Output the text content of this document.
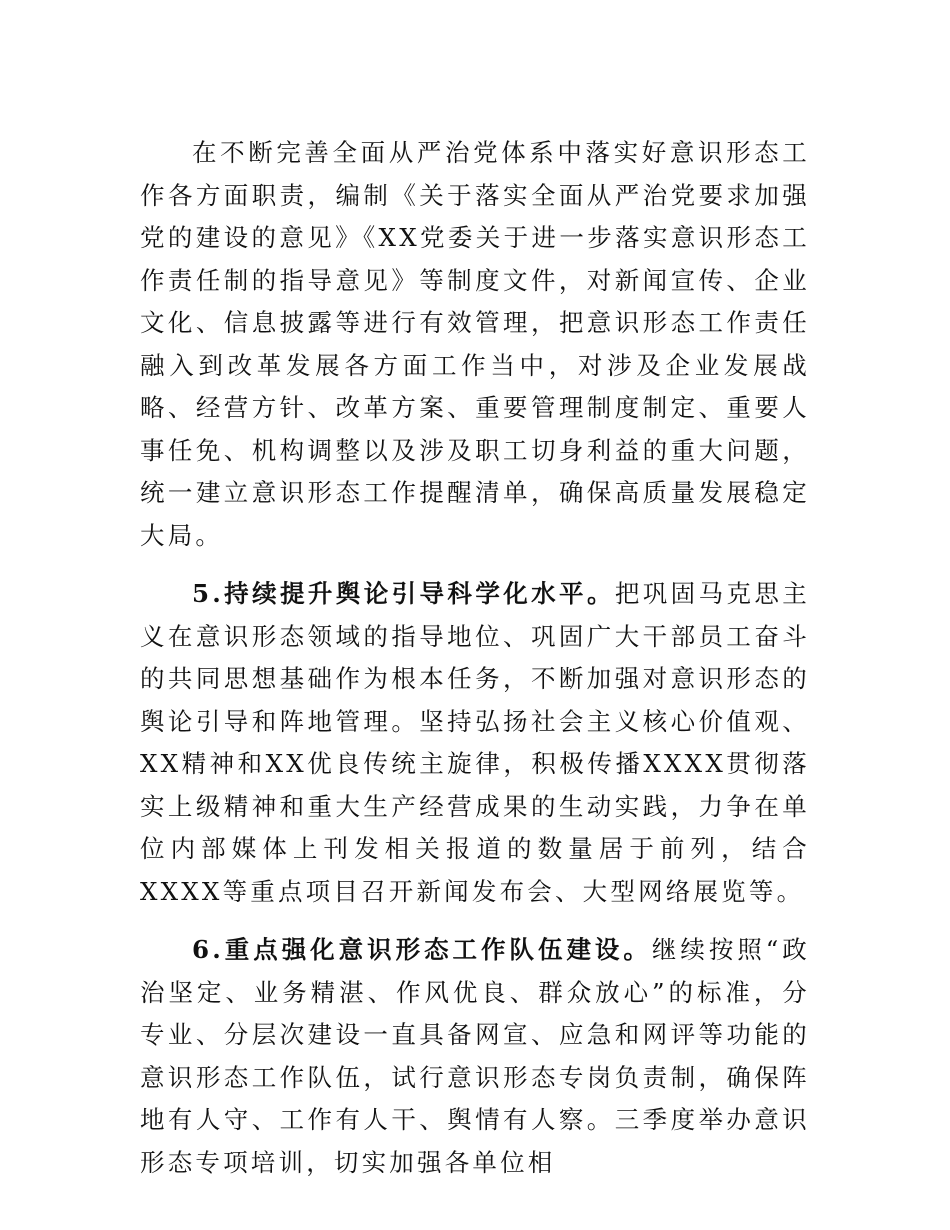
在不断完善全面从严治党体系中落实好意识形态工作各方面职责，编制《关于落实全面从严治党要求加强党的建设的意见》《XX党委关于进一步落实意识形态工作责任制的指导意见》等制度文件，对新闻宣传、企业文化、信息披露等进行有效管理，把意识形态工作责任融入到改革发展各方面工作当中，对涉及企业发展战略、经营方针、改革方案、重要管理制度制定、重要人事任免、机构调整以及涉及职工切身利益的重大问题，统一建立意识形态工作提醒清单，确保高质量发展稳定大局。

5.持续提升舆论引导科学化水平。把巩固马克思主义在意识形态领域的指导地位、巩固广大干部员工奋斗的共同思想基础作为根本任务，不断加强对意识形态的舆论引导和阵地管理。坚持弘扬社会主义核心价值观、XX精神和XX优良传统主旋律，积极传播XXXX贯彻落实上级精神和重大生产经营成果的生动实践，力争在单位内部媒体上刊发相关报道的数量居于前列，结合XXXX等重点项目召开新闻发布会、大型网络展览等。

6.重点强化意识形态工作队伍建设。继续按照“政治坚定、业务精湛、作风优良、群众放心”的标准，分专业、分层次建设一直具备网宣、应急和网评等功能的意识形态工作队伍，试行意识形态专岗负责制，确保阵地有人守、工作有人干、舆情有人察。三季度举办意识形态专项培训，切实加强各单位相
